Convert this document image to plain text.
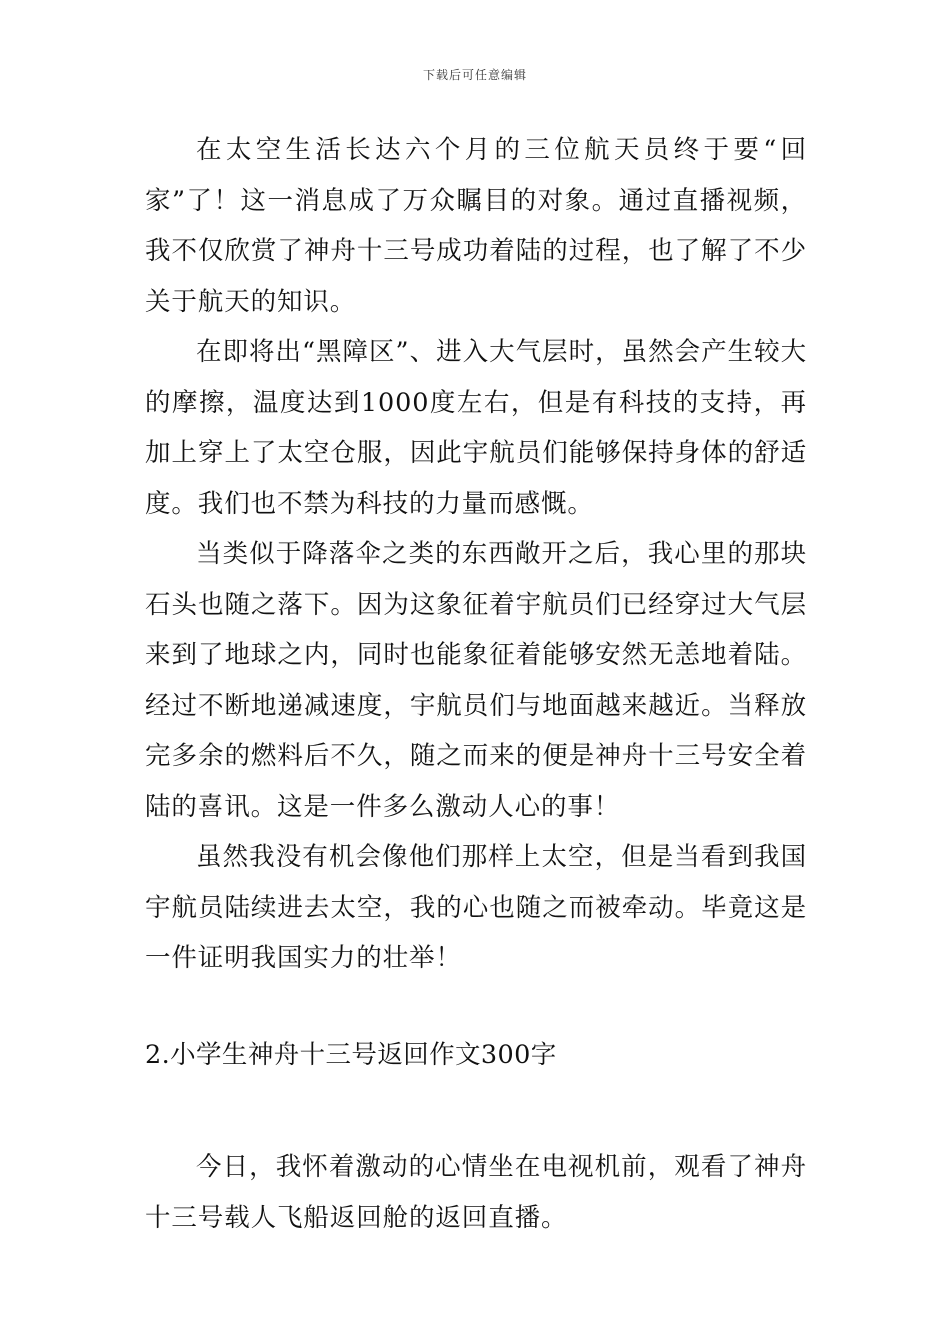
下载后可任意编辑

在太空生活长达六个月的三位航天员终于要“回家”了！这一消息成了万众瞩目的对象。通过直播视频，我不仅欣赏了神舟十三号成功着陆的过程，也了解了不少关于航天的知识。

在即将出“黑障区”、进入大气层时，虽然会产生较大的摩擦，温度达到1000度左右，但是有科技的支持，再加上穿上了太空仓服，因此宇航员们能够保持身体的舒适度。我们也不禁为科技的力量而感慨。

当类似于降落伞之类的东西敞开之后，我心里的那块石头也随之落下。因为这象征着宇航员们已经穿过大气层来到了地球之内，同时也能象征着能够安然无恙地着陆。经过不断地递减速度，宇航员们与地面越来越近。当释放完多余的燃料后不久，随之而来的便是神舟十三号安全着陆的喜讯。这是一件多么激动人心的事！

虽然我没有机会像他们那样上太空，但是当看到我国宇航员陆续进去太空，我的心也随之而被牵动。毕竟这是一件证明我国实力的壮举！

2.小学生神舟十三号返回作文300字

今日，我怀着激动的心情坐在电视机前，观看了神舟十三号载人飞船返回舱的返回直播。
